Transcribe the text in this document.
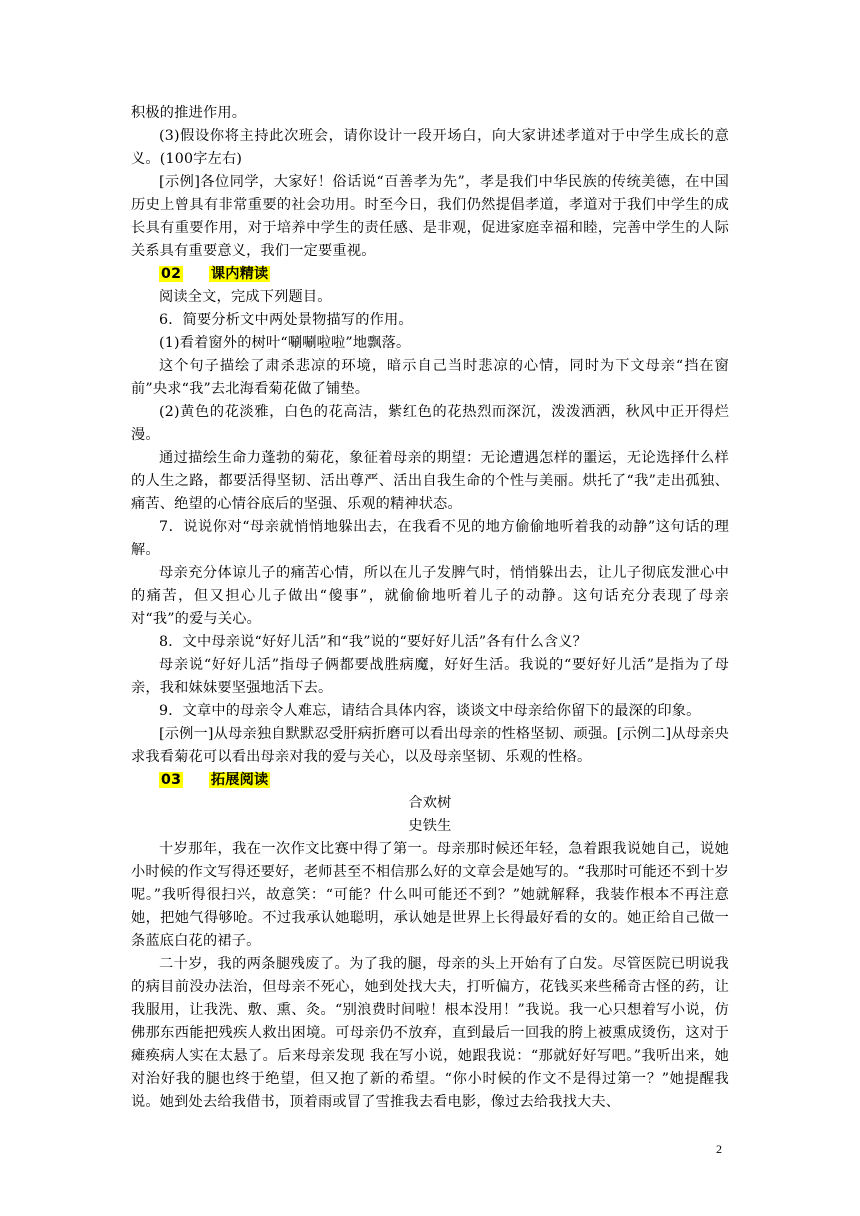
积极的推进作用。

(3)假设你将主持此次班会，请你设计一段开场白，向大家讲述孝道对于中学生成长的意义。(100字左右)

[示例]各位同学，大家好！俗话说“百善孝为先”，孝是我们中华民族的传统美德，在中国历史上曾具有非常重要的社会功用。时至今日，我们仍然提倡孝道，孝道对于我们中学生的成长具有重要作用，对于培养中学生的责任感、是非观，促进家庭幸福和睦，完善中学生的人际关系具有重要意义，我们一定要重视。

02 课内精读

阅读全文，完成下列题目。

6．简要分析文中两处景物描写的作用。

(1)看着窗外的树叶“唰唰啦啦”地飘落。

这个句子描绘了肃杀悲凉的环境，暗示自己当时悲凉的心情，同时为下文母亲“挡在窗前”央求“我”去北海看菊花做了铺垫。

(2)黄色的花淡雅，白色的花高洁，紫红色的花热烈而深沉，泼泼洒洒，秋风中正开得烂漫。

通过描绘生命力蓬勃的菊花，象征着母亲的期望：无论遭遇怎样的噩运，无论选择什么样的人生之路，都要活得坚韧、活出尊严、活出自我生命的个性与美丽。烘托了“我”走出孤独、痛苦、绝望的心情谷底后的坚强、乐观的精神状态。

7．说说你对“母亲就悄悄地躲出去，在我看不见的地方偷偷地听着我的动静”这句话的理解。

母亲充分体谅儿子的痛苦心情，所以在儿子发脾气时，悄悄躲出去，让儿子彻底发泄心中的痛苦，但又担心儿子做出“傻事”，就偷偷地听着儿子的动静。这句话充分表现了母亲对“我”的爱与关心。

8．文中母亲说“好好儿活”和“我”说的“要好好儿活”各有什么含义？

母亲说“好好儿活”指母子俩都要战胜病魔，好好生活。我说的“要好好儿活”是指为了母亲，我和妹妹要坚强地活下去。

9．文章中的母亲令人难忘，请结合具体内容，谈谈文中母亲给你留下的最深的印象。

[示例一]从母亲独自默默忍受肝病折磨可以看出母亲的性格坚韧、顽强。[示例二]从母亲央求我看菊花可以看出母亲对我的爱与关心，以及母亲坚韧、乐观的性格。

03 拓展阅读

合欢树

史铁生

十岁那年，我在一次作文比赛中得了第一。母亲那时候还年轻，急着跟我说她自己，说她小时候的作文写得还要好，老师甚至不相信那么好的文章会是她写的。“我那时可能还不到十岁呢。”我听得很扫兴，故意笑：“可能？什么叫可能还不到？”她就解释，我装作根本不再注意她，把她气得够呛。不过我承认她聪明，承认她是世界上长得最好看的女的。她正给自己做一条蓝底白花的裙子。

二十岁，我的两条腿残废了。为了我的腿，母亲的头上开始有了白发。尽管医院已明说我的病目前没办法治，但母亲不死心，她到处找大夫，打听偏方，花钱买来些稀奇古怪的药，让我服用，让我洗、敷、熏、灸。“别浪费时间啦！根本没用！”我说。我一心只想着写小说，仿佛那东西能把残疾人救出困境。可母亲仍不放弃，直到最后一回我的胯上被熏成烫伤，这对于瘫痪病人实在太悬了。后来母亲发现 我在写小说，她跟我说：“那就好好写吧。”我听出来，她对治好我的腿也终于绝望，但又抱了新的希望。“你小时候的作文不是得过第一？”她提醒我说。她到处去给我借书，顶着雨或冒了雪推我去看电影，像过去给我找大夫、

2
